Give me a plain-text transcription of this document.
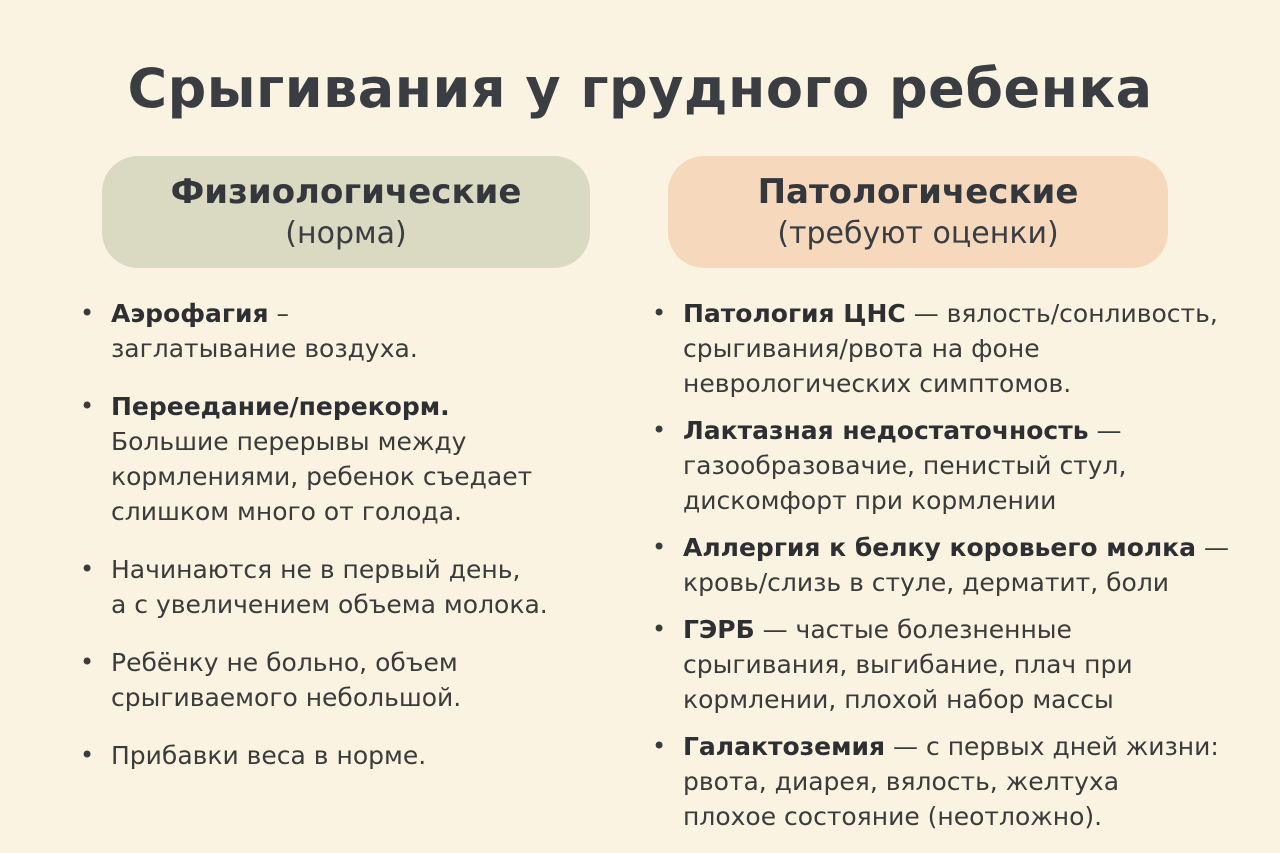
Срыгивания у грудного ребенка
Физиологические
(норма)
Патологические
(требуют оценки)
• Аэрофагия –
заглатывание воздуха.
• Переедание/перекорм.
Большие перерывы между
кормлениями, ребенок съедает
слишком много от голода.
• Начинаются не в первый день,
а с увеличением объема молока.
• Ребёнку не больно, объем
срыгиваемого небольшой.
• Прибавки веса в норме.
• Патология ЦНС — вялость/сонливость,
срыгивания/рвота на фоне
неврологических симптомов.
• Лактазная недостаточность —
газообразовачие, пенистый стул,
дискомфорт при кормлении
• Аллергия к белку коровьего молка —
кровь/слизь в стуле, дерматит, боли
• ГЭРБ — частые болезненные
срыгивания, выгибание, плач при
кормлении, плохой набор массы
• Галактоземия — с первых дней жизни:
рвота, диарея, вялость, желтуха
плохое состояние (неотложно).
